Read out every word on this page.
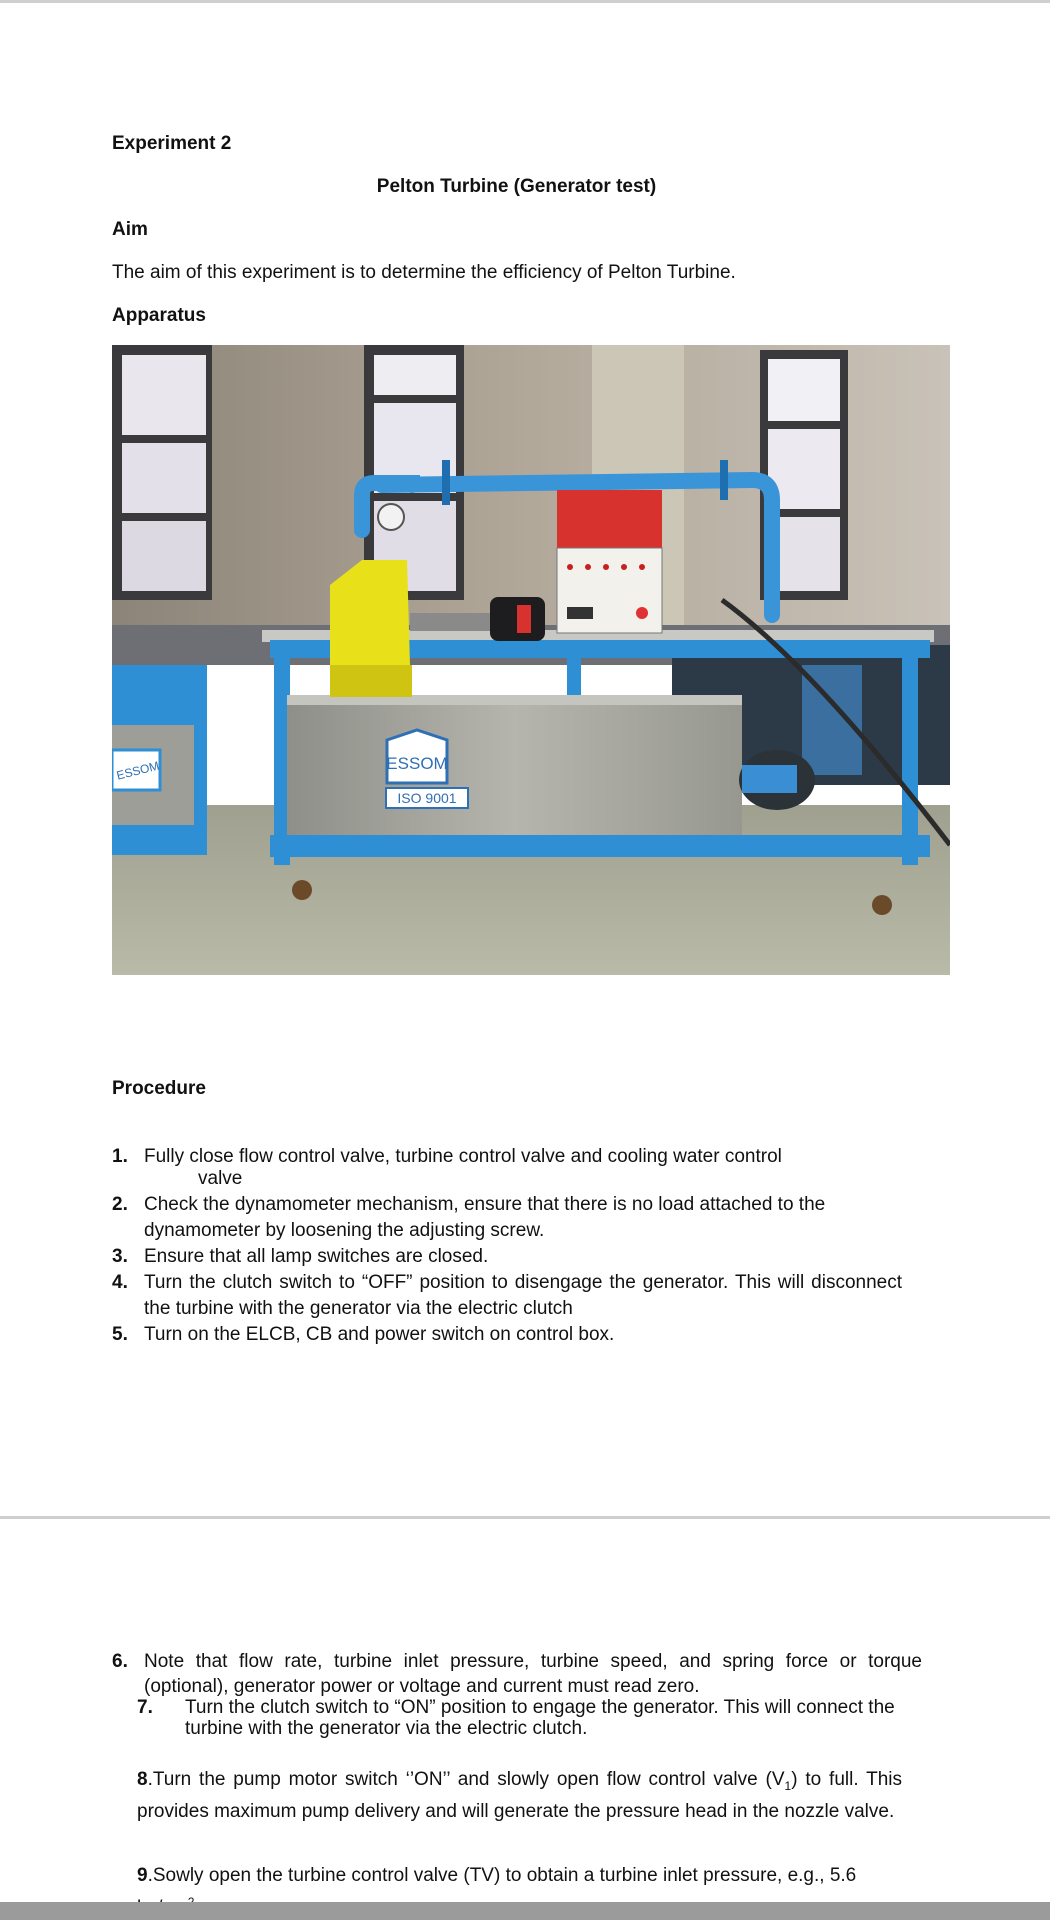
Experiment 2
Pelton Turbine (Generator test)
Aim
The aim of this experiment is to determine the efficiency of Pelton Turbine.
Apparatus
ESSOM	ESSOM
ISO 9001
Procedure
1. Fully close flow control valve, turbine control valve and cooling water control
valve
2. Check the dynamometer mechanism, ensure that there is no load attached to the dynamometer by loosening the adjusting screw.
3. Ensure that all lamp switches are closed.
4. Turn the clutch switch to “OFF” position to disengage the generator. This will disconnect the turbine with the generator via the electric clutch
5. Turn on the ELCB, CB and power switch on control box.
6. Note that flow rate, turbine inlet pressure, turbine speed, and spring force or torque (optional), generator power or voltage and current must read zero.
7. Turn the clutch switch to “ON” position to engage the generator. This will connect the turbine with the generator via the electric clutch.
8.Turn the pump motor switch ‘’ON’’ and slowly open flow control valve $(V_1)$ to full. This provides maximum pump delivery and will generate the pressure head in the nozzle valve.
9.Sowly open the turbine control valve (TV) to obtain a turbine inlet pressure, e.g., 5.6
